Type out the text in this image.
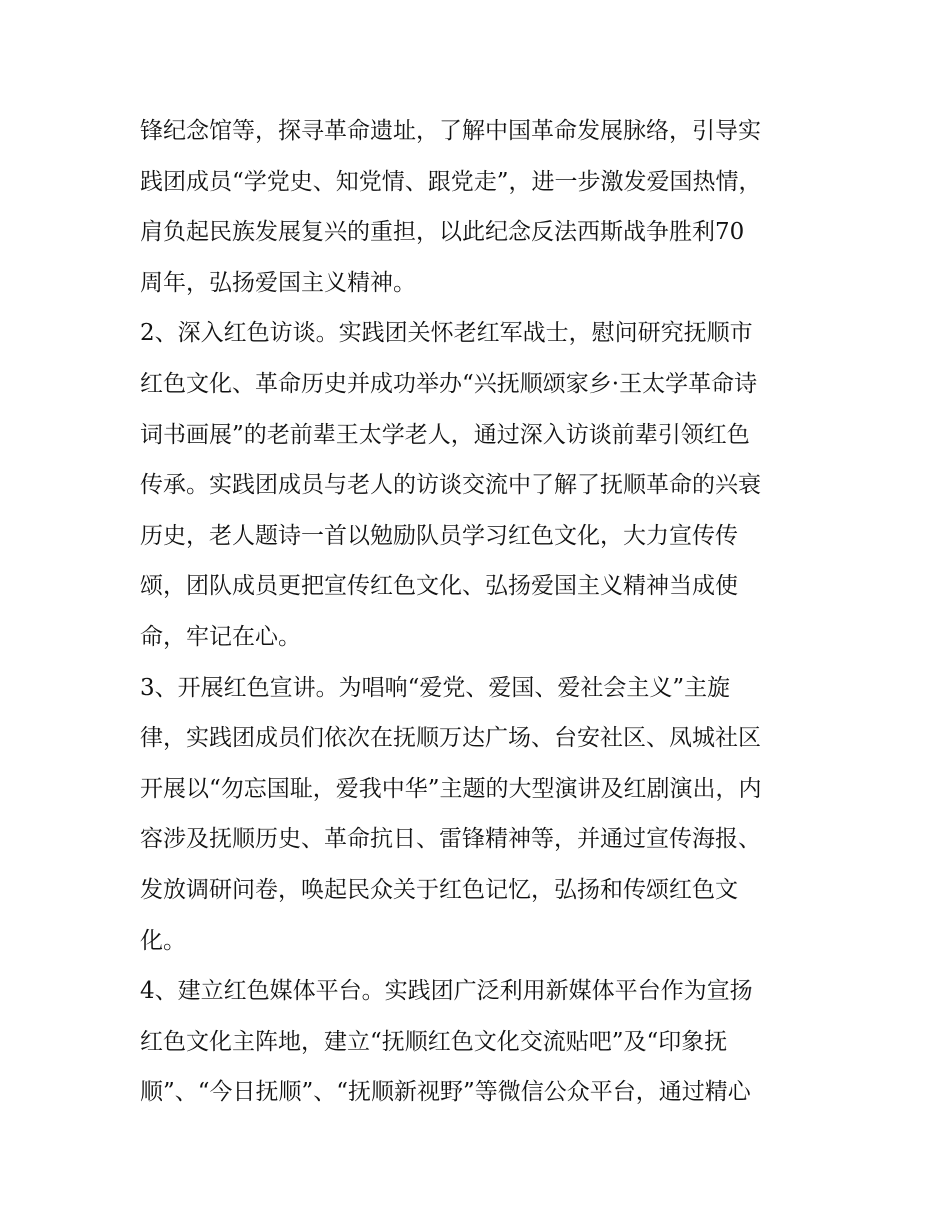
锋纪念馆等，探寻革命遗址，了解中国革命发展脉络，引导实
践团成员“学党史、知党情、跟党走”，进一步激发爱国热情，
肩负起民族发展复兴的重担，以此纪念反法西斯战争胜利70
周年，弘扬爱国主义精神。
2、深入红色访谈。实践团关怀老红军战士，慰问研究抚顺市
红色文化、革命历史并成功举办“兴抚顺颂家乡·王太学革命诗
词书画展”的老前辈王太学老人，通过深入访谈前辈引领红色
传承。实践团成员与老人的访谈交流中了解了抚顺革命的兴衰
历史，老人题诗一首以勉励队员学习红色文化，大力宣传传
颂，团队成员更把宣传红色文化、弘扬爱国主义精神当成使
命，牢记在心。
3、开展红色宣讲。为唱响“爱党、爱国、爱社会主义”主旋
律，实践团成员们依次在抚顺万达广场、台安社区、凤城社区
开展以“勿忘国耻，爱我中华”主题的大型演讲及红剧演出，内
容涉及抚顺历史、革命抗日、雷锋精神等，并通过宣传海报、
发放调研问卷，唤起民众关于红色记忆，弘扬和传颂红色文
化。
4、建立红色媒体平台。实践团广泛利用新媒体平台作为宣扬
红色文化主阵地，建立“抚顺红色文化交流贴吧”及“印象抚
顺”、“今日抚顺”、“抚顺新视野”等微信公众平台，通过精心
